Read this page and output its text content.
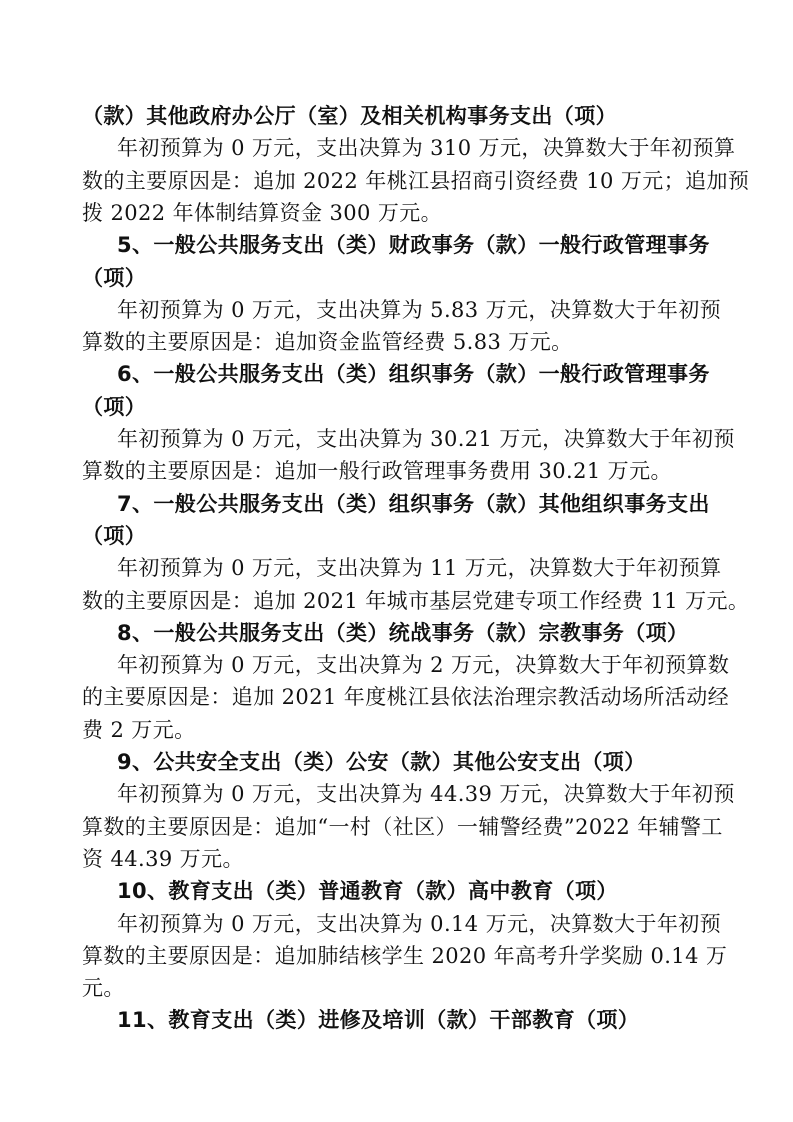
（款）其他政府办公厅（室）及相关机构事务支出（项）
年初预算为 0 万元，支出决算为 310 万元，决算数大于年初预算
数的主要原因是：追加 2022 年桃江县招商引资经费 10 万元；追加预
拨 2022 年体制结算资金 300 万元。
5、一般公共服务支出（类）财政事务（款）一般行政管理事务
（项）
年初预算为 0 万元，支出决算为 5.83 万元，决算数大于年初预
算数的主要原因是：追加资金监管经费 5.83 万元。
6、一般公共服务支出（类）组织事务（款）一般行政管理事务
（项）
年初预算为 0 万元，支出决算为 30.21 万元，决算数大于年初预
算数的主要原因是：追加一般行政管理事务费用 30.21 万元。
7、一般公共服务支出（类）组织事务（款）其他组织事务支出
（项）
年初预算为 0 万元，支出决算为 11 万元，决算数大于年初预算
数的主要原因是：追加 2021 年城市基层党建专项工作经费 11 万元。
8、一般公共服务支出（类）统战事务（款）宗教事务（项）
年初预算为 0 万元，支出决算为 2 万元，决算数大于年初预算数
的主要原因是：追加 2021 年度桃江县依法治理宗教活动场所活动经
费 2 万元。
9、公共安全支出（类）公安（款）其他公安支出（项）
年初预算为 0 万元，支出决算为 44.39 万元，决算数大于年初预
算数的主要原因是：追加“一村（社区）一辅警经费”2022 年辅警工
资 44.39 万元。
10、教育支出（类）普通教育（款）高中教育（项）
年初预算为 0 万元，支出决算为 0.14 万元，决算数大于年初预
算数的主要原因是：追加肺结核学生 2020 年高考升学奖励 0.14 万
元。
11、教育支出（类）进修及培训（款）干部教育（项）
